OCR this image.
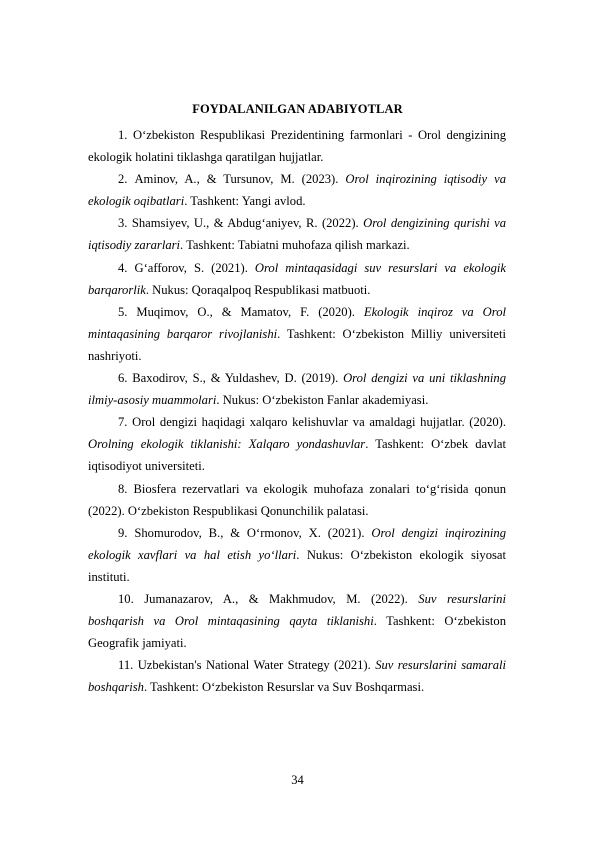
FOYDALANILGAN ADABIYOTLAR

1. O‘zbekiston Respublikasi Prezidentining farmonlari - Orol dengizining ekologik holatini tiklashga qaratilgan hujjatlar.

2. Aminov, A., & Tursunov, M. (2023). Orol inqirozining iqtisodiy va ekologik oqibatlari. Tashkent: Yangi avlod.

3. Shamsiyev, U., & Abdug‘aniyev, R. (2022). Orol dengizining qurishi va iqtisodiy zararlari. Tashkent: Tabiatni muhofaza qilish markazi.

4. G‘afforov, S. (2021). Orol mintaqasidagi suv resurslari va ekologik barqarorlik. Nukus: Qoraqalpoq Respublikasi matbuoti.

5. Muqimov, O., & Mamatov, F. (2020). Ekologik inqiroz va Orol mintaqasining barqaror rivojlanishi. Tashkent: O‘zbekiston Milliy universiteti nashriyoti.

6. Baxodirov, S., & Yuldashev, D. (2019). Orol dengizi va uni tiklashning ilmiy-asosiy muammolari. Nukus: O‘zbekiston Fanlar akademiyasi.

7. Orol dengizi haqidagi xalqaro kelishuvlar va amaldagi hujjatlar. (2020). Orolning ekologik tiklanishi: Xalqaro yondashuvlar. Tashkent: O‘zbek davlat iqtisodiyot universiteti.

8. Biosfera rezervatlari va ekologik muhofaza zonalari to‘g‘risida qonun (2022). O‘zbekiston Respublikasi Qonunchilik palatasi.

9. Shomurodov, B., & O‘rmonov, X. (2021). Orol dengizi inqirozining ekologik xavflari va hal etish yo‘llari. Nukus: O‘zbekiston ekologik siyosat instituti.

10. Jumanazarov, A., & Makhmudov, M. (2022). Suv resurslarini boshqarish va Orol mintaqasining qayta tiklanishi. Tashkent: O‘zbekiston Geografik jamiyati.

11. Uzbekistan's National Water Strategy (2021). Suv resurslarini samarali boshqarish. Tashkent: O‘zbekiston Resurslar va Suv Boshqarmasi.

34
